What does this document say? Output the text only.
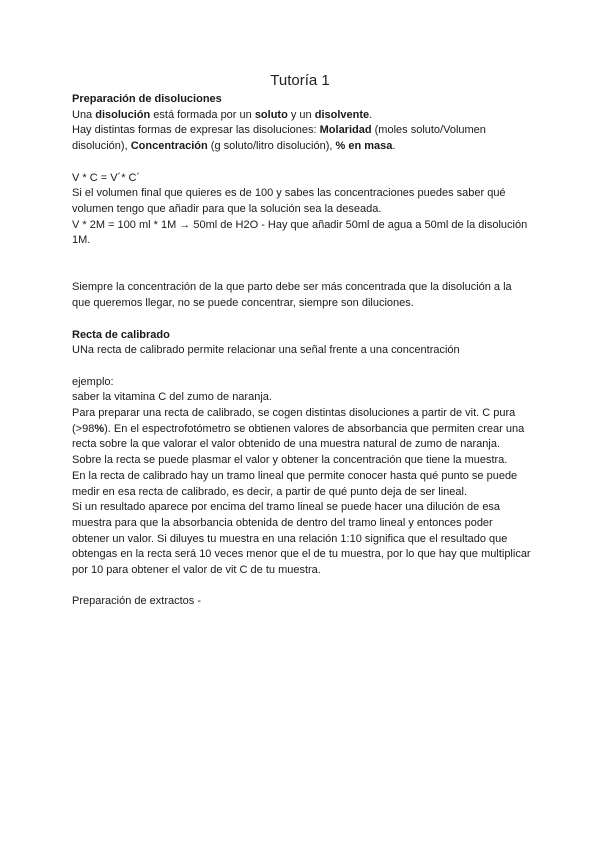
Tutoría 1

Preparación de disoluciones

Una disolución está formada por un soluto y un disolvente.

Hay distintas formas de expresar las disoluciones: Molaridad (moles soluto/Volumen disolución), Concentración (g soluto/litro disolución), % en masa.

V * C = V´* C´

Si el volumen final que quieres es de 100 y sabes las concentraciones puedes saber qué volumen tengo que añadir para que la solución sea la deseada.

V * 2M = 100 ml * 1M → 50ml de H2O - Hay que añadir 50ml de agua a 50ml de la disolución 1M.

Siempre la concentración de la que parto debe ser más concentrada que la disolución a la que queremos llegar, no se puede concentrar, siempre son diluciones.

Recta de calibrado

UNa recta de calibrado permite relacionar una señal frente a una concentración

ejemplo:

saber la vitamina C del zumo de naranja.

Para preparar una recta de calibrado, se cogen distintas disoluciones a partir de vit. C pura (>98%). En el espectrofotómetro se obtienen valores de absorbancia que permiten crear una recta sobre la que valorar el valor obtenido de una muestra natural de zumo de naranja.

Sobre la recta se puede plasmar el valor y obtener la concentración que tiene la muestra.

En la recta de calibrado hay un tramo lineal que permite conocer hasta qué punto se puede medir en esa recta de calibrado, es decir, a partir de qué punto deja de ser lineal.

Si un resultado aparece por encima del tramo lineal se puede hacer una dilución de esa muestra para que la absorbancia obtenida de dentro del tramo lineal y entonces poder obtener un valor. Si diluyes tu muestra en una relación 1:10 significa que el resultado que obtengas en la recta será 10 veces menor que el de tu muestra, por lo que hay que multiplicar por 10 para obtener el valor de vit C de tu muestra.

Preparación de extractos -
